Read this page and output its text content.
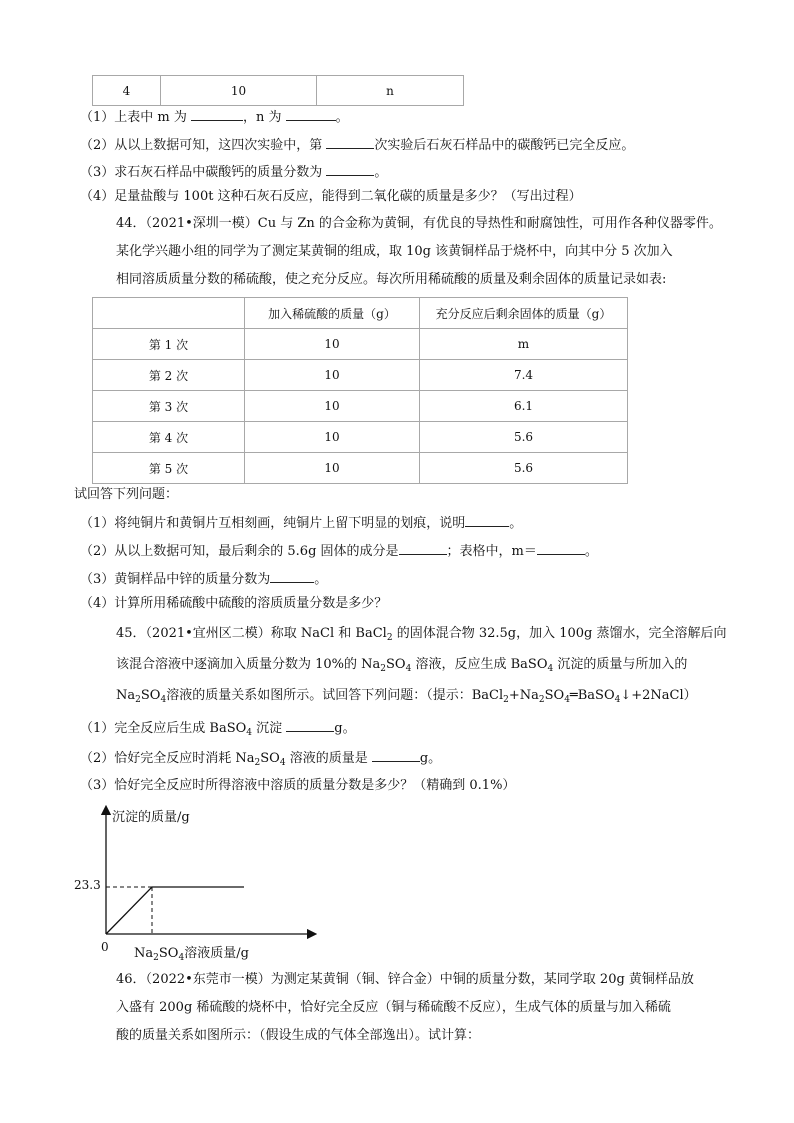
4	10	n
（1）上表中 m 为	，n 为	。
（2）从以上数据可知，这四次实验中，第	次实验后石灰石样品中的碳酸钙已完全反应。
（3）求石灰石样品中碳酸钙的质量分数为	。
（4）足量盐酸与 100t 这种石灰石反应，能得到二氧化碳的质量是多少？（写出过程）
44．（2021•深圳一模）Cu 与 Zn 的合金称为黄铜，有优良的导热性和耐腐蚀性，可用作各种仪器零件。
某化学兴趣小组的同学为了测定某黄铜的组成，取 10g 该黄铜样品于烧杯中，向其中分 5 次加入
相同溶质质量分数的稀硫酸，使之充分反应。每次所用稀硫酸的质量及剩余固体的质量记录如表:
	加入稀硫酸的质量（g）	充分反应后剩余固体的质量（g）
第 1 次	10	m
第 2 次	10	7.4
第 3 次	10	6.1
第 4 次	10	5.6
第 5 次	10	5.6
试回答下列问题：
（1）将纯铜片和黄铜片互相刻画，纯铜片上留下明显的划痕，说明	。
（2）从以上数据可知，最后剩余的 5.6g 固体的成分是	；表格中，m＝	。
（3）黄铜样品中锌的质量分数为	。
（4）计算所用稀硫酸中硫酸的溶质质量分数是多少？
45．（2021•宜州区二模）称取 NaCl 和 BaCl$_2$ 的固体混合物 32.5g，加入 100g 蒸馏水，完全溶解后向
该混合溶液中逐滴加入质量分数为 10%的 $Na_2SO_4$ 溶液，反应生成 BaSO$_4$ 沉淀的质量与所加入的
$Na_2SO_4$溶液的质量关系如图所示。试回答下列问题：（提示：$BaCl_2+Na_2SO_4═BaSO_4↓+2NaCl$）
（1）完全反应后生成 BaSO$_4$ 沉淀	g。
（2）恰好完全反应时消耗 $Na_2SO_4$ 溶液的质量是	g。
（3）恰好完全反应时所得溶液中溶质的质量分数是多少？（精确到 0.1%）
沉淀的质量/g
23.3
0 $Na_2SO_4$溶液质量/g
46．（2022•东莞市一模）为测定某黄铜（铜、锌合金）中铜的质量分数，某同学取 20g 黄铜样品放
入盛有 200g 稀硫酸的烧杯中，恰好完全反应（铜与稀硫酸不反应），生成气体的质量与加入稀硫
酸的质量关系如图所示：（假设生成的气体全部逸出）。试计算：
